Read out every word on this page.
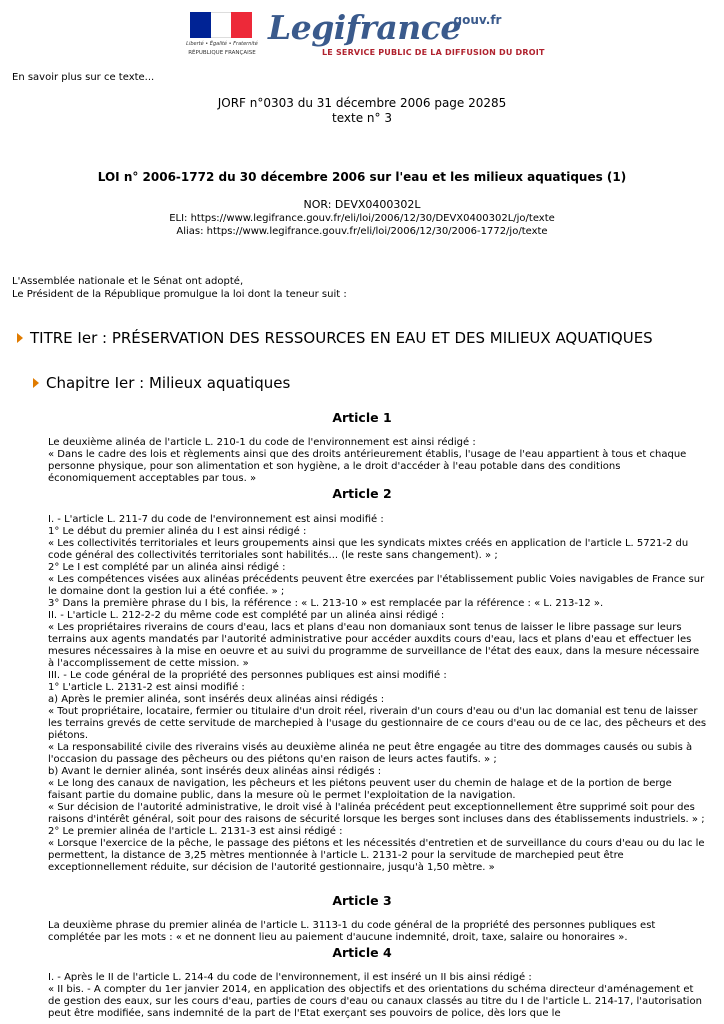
Liberté • Égalité • Fraternité
RÉPUBLIQUE FRANÇAISE
Legifrance
.gouv.fr
LE SERVICE PUBLIC DE LA DIFFUSION DU DROIT
En savoir plus sur ce texte...
JORF n°0303 du 31 décembre 2006 page 20285
texte n° 3
LOI n° 2006-1772 du 30 décembre 2006 sur l'eau et les milieux aquatiques (1)
NOR: DEVX0400302L
ELI: https://www.legifrance.gouv.fr/eli/loi/2006/12/30/DEVX0400302L/jo/texte
Alias: https://www.legifrance.gouv.fr/eli/loi/2006/12/30/2006-1772/jo/texte
L'Assemblée nationale et le Sénat ont adopté,
Le Président de la République promulgue la loi dont la teneur suit :
TITRE Ier : PRÉSERVATION DES RESSOURCES EN EAU ET DES MILIEUX AQUATIQUES
Chapitre Ier : Milieux aquatiques
Article 1

Le deuxième alinéa de l'article L. 210-1 du code de l'environnement est ainsi rédigé :

« Dans le cadre des lois et règlements ainsi que des droits antérieurement établis, l'usage de l'eau appartient à tous et chaque personne physique, pour son alimentation et son hygiène, a le droit d'accéder à l'eau potable dans des conditions économiquement acceptables par tous. »

Article 2

I. - L'article L. 211-7 du code de l'environnement est ainsi modifié :

1° Le début du premier alinéa du I est ainsi rédigé :

« Les collectivités territoriales et leurs groupements ainsi que les syndicats mixtes créés en application de l'article L. 5721-2 du code général des collectivités territoriales sont habilités... (le reste sans changement). » ;

2° Le I est complété par un alinéa ainsi rédigé :

« Les compétences visées aux alinéas précédents peuvent être exercées par l'établissement public Voies navigables de France sur le domaine dont la gestion lui a été confiée. » ;

3° Dans la première phrase du I bis, la référence : « L. 213-10 » est remplacée par la référence : « L. 213-12 ».

II. - L'article L. 212-2-2 du même code est complété par un alinéa ainsi rédigé :

« Les propriétaires riverains de cours d'eau, lacs et plans d'eau non domaniaux sont tenus de laisser le libre passage sur leurs terrains aux agents mandatés par l'autorité administrative pour accéder auxdits cours d'eau, lacs et plans d'eau et effectuer les mesures nécessaires à la mise en oeuvre et au suivi du programme de surveillance de l'état des eaux, dans la mesure nécessaire à l'accomplissement de cette mission. »

III. - Le code général de la propriété des personnes publiques est ainsi modifié :

1° L'article L. 2131-2 est ainsi modifié :

a) Après le premier alinéa, sont insérés deux alinéas ainsi rédigés :

« Tout propriétaire, locataire, fermier ou titulaire d'un droit réel, riverain d'un cours d'eau ou d'un lac domanial est tenu de laisser les terrains grevés de cette servitude de marchepied à l'usage du gestionnaire de ce cours d'eau ou de ce lac, des pêcheurs et des piétons.

« La responsabilité civile des riverains visés au deuxième alinéa ne peut être engagée au titre des dommages causés ou subis à l'occasion du passage des pêcheurs ou des piétons qu'en raison de leurs actes fautifs. » ;

b) Avant le dernier alinéa, sont insérés deux alinéas ainsi rédigés :

« Le long des canaux de navigation, les pêcheurs et les piétons peuvent user du chemin de halage et de la portion de berge faisant partie du domaine public, dans la mesure où le permet l'exploitation de la navigation.

« Sur décision de l'autorité administrative, le droit visé à l'alinéa précédent peut exceptionnellement être supprimé soit pour des raisons d'intérêt général, soit pour des raisons de sécurité lorsque les berges sont incluses dans des établissements industriels. » ;

2° Le premier alinéa de l'article L. 2131-3 est ainsi rédigé :

« Lorsque l'exercice de la pêche, le passage des piétons et les nécessités d'entretien et de surveillance du cours d'eau ou du lac le permettent, la distance de 3,25 mètres mentionnée à l'article L. 2131-2 pour la servitude de marchepied peut être exceptionnellement réduite, sur décision de l'autorité gestionnaire, jusqu'à 1,50 mètre. »

Article 3

La deuxième phrase du premier alinéa de l'article L. 3113-1 du code général de la propriété des personnes publiques est complétée par les mots : « et ne donnent lieu au paiement d'aucune indemnité, droit, taxe, salaire ou honoraires ».

Article 4

I. - Après le II de l'article L. 214-4 du code de l'environnement, il est inséré un II bis ainsi rédigé :

« II bis. - A compter du 1er janvier 2014, en application des objectifs et des orientations du schéma directeur d'aménagement et de gestion des eaux, sur les cours d'eau, parties de cours d'eau ou canaux classés au titre du I de l'article L. 214-17, l'autorisation peut être modifiée, sans indemnité de la part de l'Etat exerçant ses pouvoirs de police, dès lors que le
